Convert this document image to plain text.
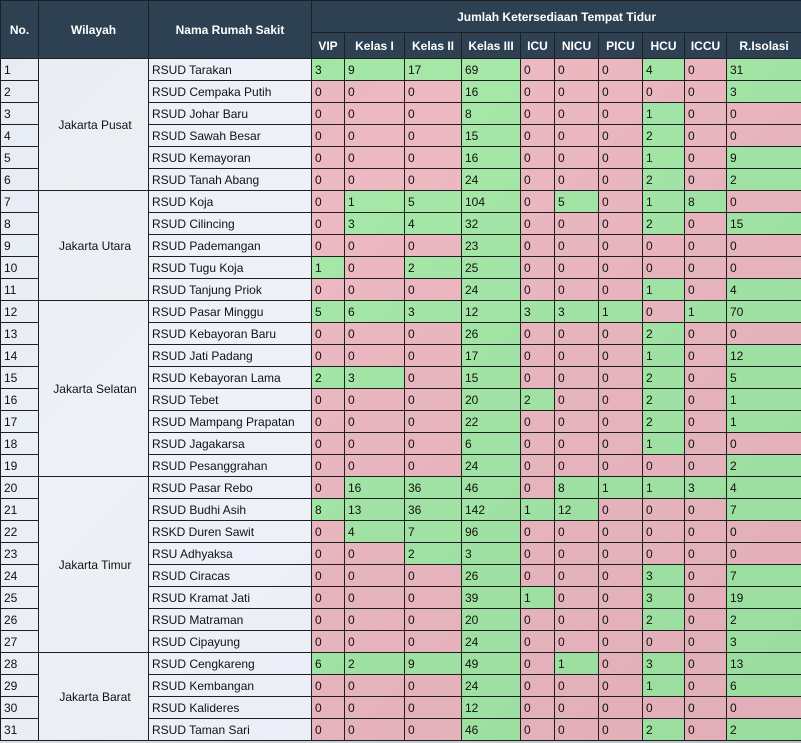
No.	Wilayah	Nama Rumah Sakit	Jumlah Ketersediaan Tempat Tidur									
			VIP	Kelas I	Kelas II	Kelas III	ICU	NICU	PICU	HCU	ICCU	R.Isolasi
1	Jakarta Pusat	RSUD Tarakan	3	9	17	69	0	0	0	4	0	31
2		RSUD Cempaka Putih	0	0	0	16	0	0	0	0	0	3
3		RSUD Johar Baru	0	0	0	8	0	0	0	1	0	0
4		RSUD Sawah Besar	0	0	0	15	0	0	0	2	0	0
5		RSUD Kemayoran	0	0	0	16	0	0	0	1	0	9
6		RSUD Tanah Abang	0	0	0	24	0	0	0	2	0	2
7	Jakarta Utara	RSUD Koja	0	1	5	104	0	5	0	1	8	0
8		RSUD Cilincing	0	3	4	32	0	0	0	2	0	15
9		RSUD Pademangan	0	0	0	23	0	0	0	0	0	0
10		RSUD Tugu Koja	1	0	2	25	0	0	0	0	0	0
11		RSUD Tanjung Priok	0	0	0	24	0	0	0	1	0	4
12	Jakarta Selatan	RSUD Pasar Minggu	5	6	3	12	3	3	1	0	1	70
13		RSUD Kebayoran Baru	0	0	0	26	0	0	0	2	0	0
14		RSUD Jati Padang	0	0	0	17	0	0	0	1	0	12
15		RSUD Kebayoran Lama	2	3	0	15	0	0	0	2	0	5
16		RSUD Tebet	0	0	0	20	2	0	0	2	0	1
17		RSUD Mampang Prapatan	0	0	0	22	0	0	0	2	0	1
18		RSUD Jagakarsa	0	0	0	6	0	0	0	1	0	0
19		RSUD Pesanggrahan	0	0	0	24	0	0	0	0	0	2
20	Jakarta Timur	RSUD Pasar Rebo	0	16	36	46	0	8	1	1	3	4
21		RSUD Budhi Asih	8	13	36	142	1	12	0	0	0	7
22		RSKD Duren Sawit	0	4	7	96	0	0	0	0	0	0
23		RSU Adhyaksa	0	0	2	3	0	0	0	0	0	0
24		RSUD Ciracas	0	0	0	26	0	0	0	3	0	7
25		RSUD Kramat Jati	0	0	0	39	1	0	0	3	0	19
26		RSUD Matraman	0	0	0	20	0	0	0	2	0	2
27		RSUD Cipayung	0	0	0	24	0	0	0	0	0	3
28	Jakarta Barat	RSUD Cengkareng	6	2	9	49	0	1	0	3	0	13
29		RSUD Kembangan	0	0	0	24	0	0	0	1	0	6
30		RSUD Kalideres	0	0	0	12	0	0	0	0	0	0
31		RSUD Taman Sari	0	0	0	46	0	0	0	2	0	2
